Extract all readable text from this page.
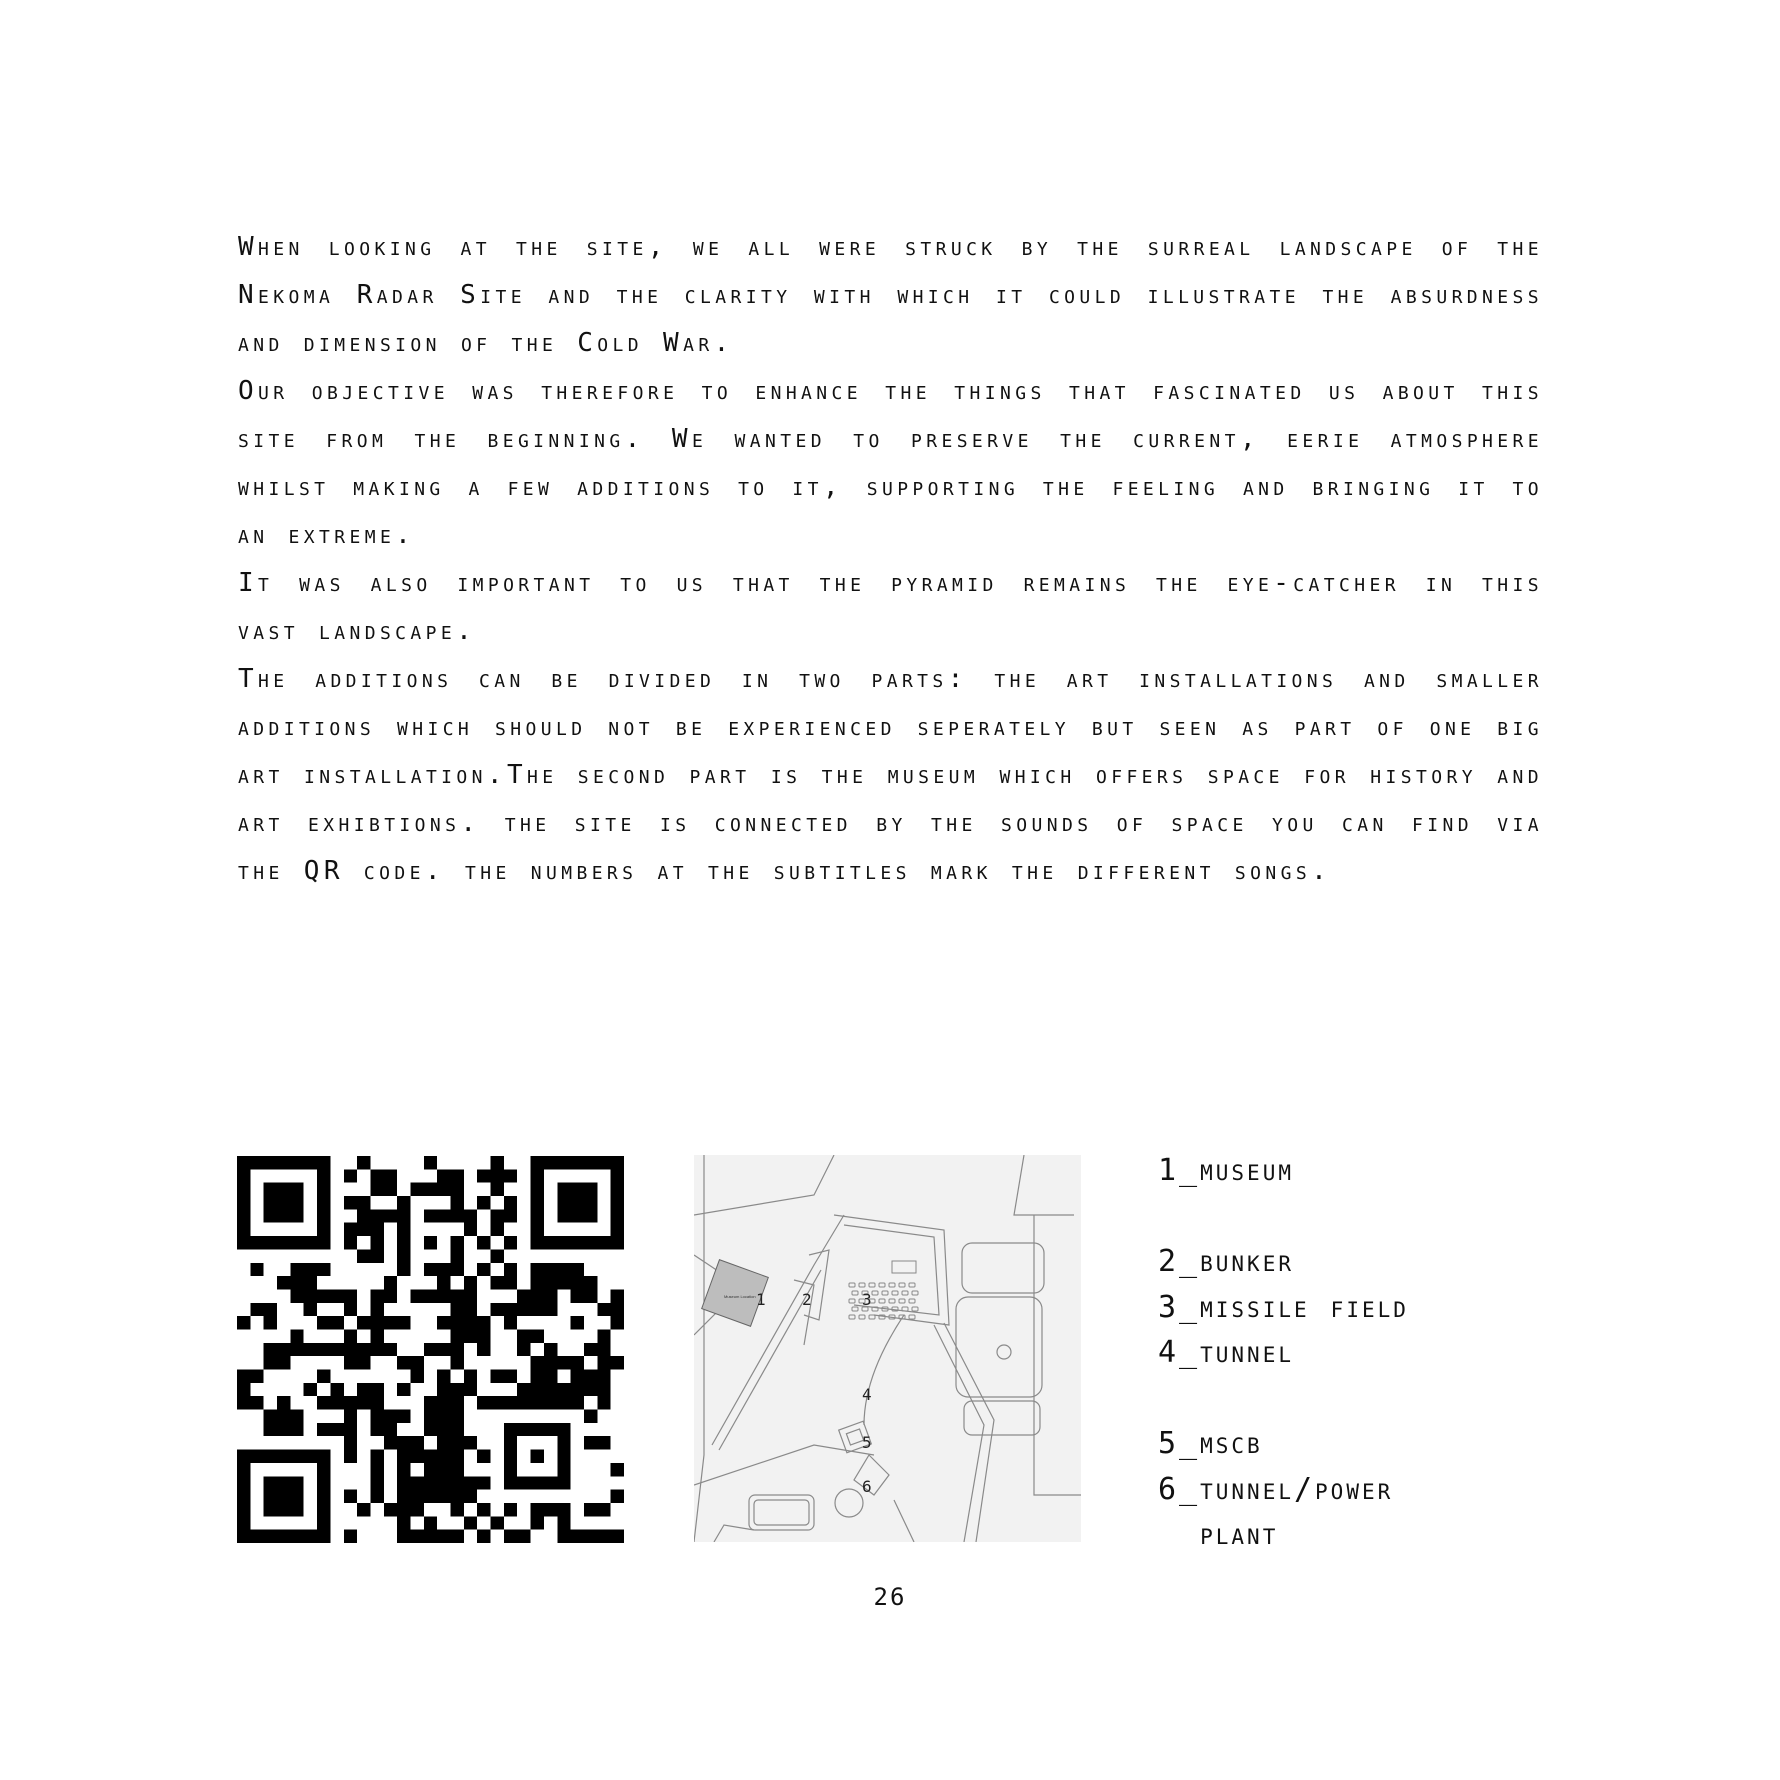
When looking at the site, we all were struck by the surreal landscape of the Nekoma Radar Site and the clarity with which it could illustrate the absurdness and dimension of the Cold War.

Our objective was therefore to enhance the things that fascinated us about this site from the beginning. We wanted to preserve the current, eerie atmosphere whilst making a few additions to it, supporting the feeling and bringing it to an extreme.

It was also important to us that the pyramid remains the eye-catcher in this vast landscape.

The additions can be divided in two parts: the art installations and smaller additions which should not be experienced seperately but seen as part of one big art installation.The second part is the museum which offers space for history and art exhibtions. the site is connected by the sounds of space you can find via the QR code. the numbers at the subtitles mark the different songs.

Museum Location 1 2	3
4
5
6
1_museum
2_bunker
3_missile field
4_tunnel
5_mscb
6_tunnel/power
plant
26
